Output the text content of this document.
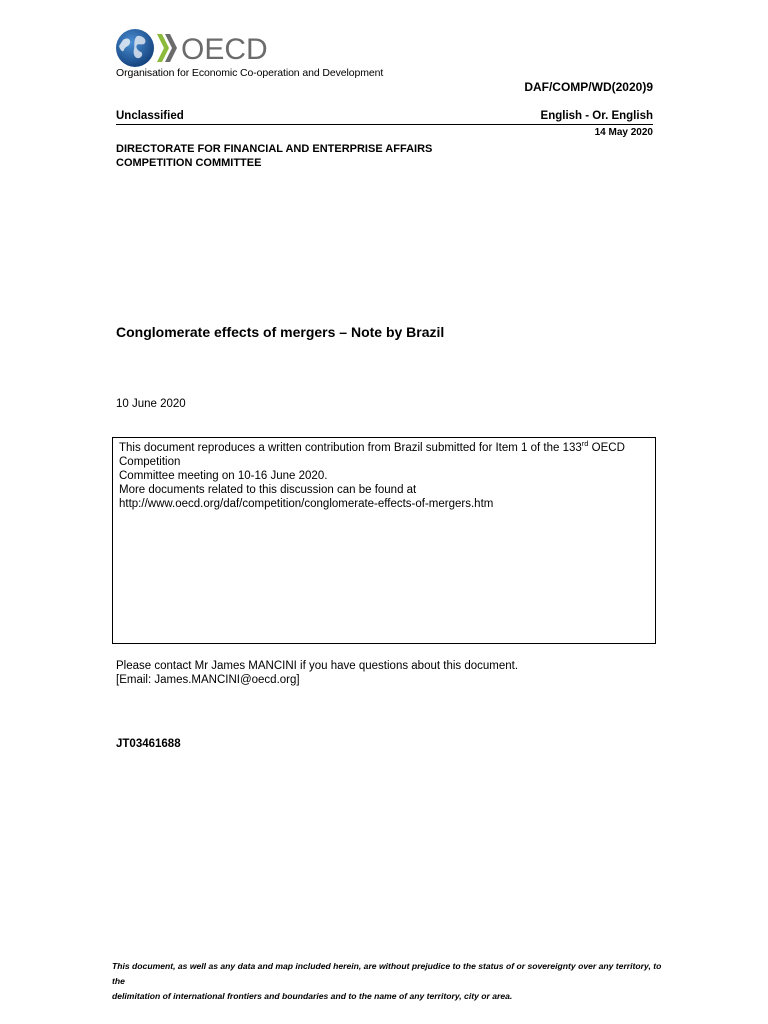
OECD
Organisation for Economic Co-operation and Development
DAF/COMP/WD(2020)9
Unclassified	English - Or. English
14 May 2020
DIRECTORATE FOR FINANCIAL AND ENTERPRISE AFFAIRS
COMPETITION COMMITTEE
Conglomerate effects of mergers – Note by Brazil
10 June 2020
This document reproduces a written contribution from Brazil submitted for Item 1 of the 133rd OECD Competition
Committee meeting on 10-16 June 2020.
More documents related to this discussion can be found at
http://www.oecd.org/daf/competition/conglomerate-effects-of-mergers.htm
Please contact Mr James MANCINI if you have questions about this document.
[Email: James.MANCINI@oecd.org]
JT03461688
This document, as well as any data and map included herein, are without prejudice to the status of or sovereignty over any territory, to the
delimitation of international frontiers and boundaries and to the name of any territory, city or area.
